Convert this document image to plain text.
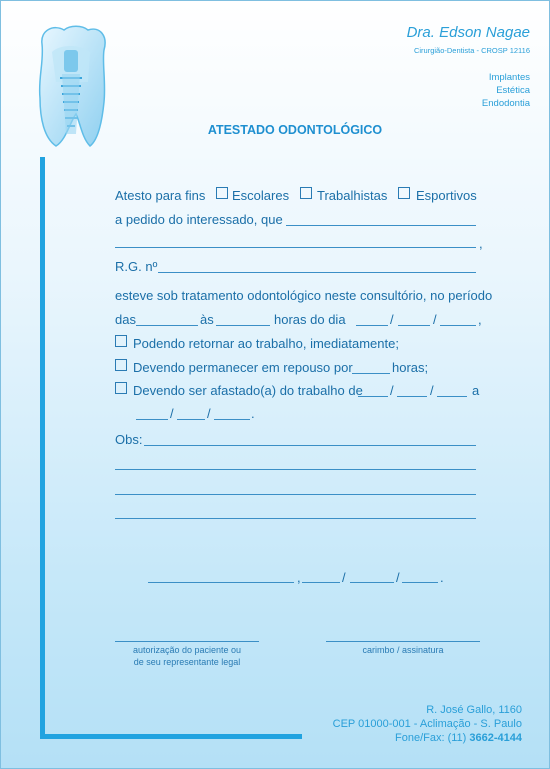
Dra. Edson Nagae
Cirurgião-Dentista - CROSP 12116
Implantes
Estética
Endodontia
ATESTADO ODONTOLÓGICO
Atesto para fins Escolares Trabalhistas Esportivos
a pedido do interessado, que
,
R.G. nº
esteve sob tratamento odontológico neste consultório, no período
das	às	horas do dia	/	/	,
Podendo retornar ao trabalho, imediatamente;
Devendo permanecer em repouso por	horas;
Devendo ser afastado(a) do trabalho de /	/	a
/	/	.
Obs:
,	/	/	.
autorização do paciente ou
de seu representante legal
carimbo / assinatura
R. José Gallo, 1160
CEP 01000-001 - Aclimação - S. Paulo
Fone/Fax: (11) 3662-4144
